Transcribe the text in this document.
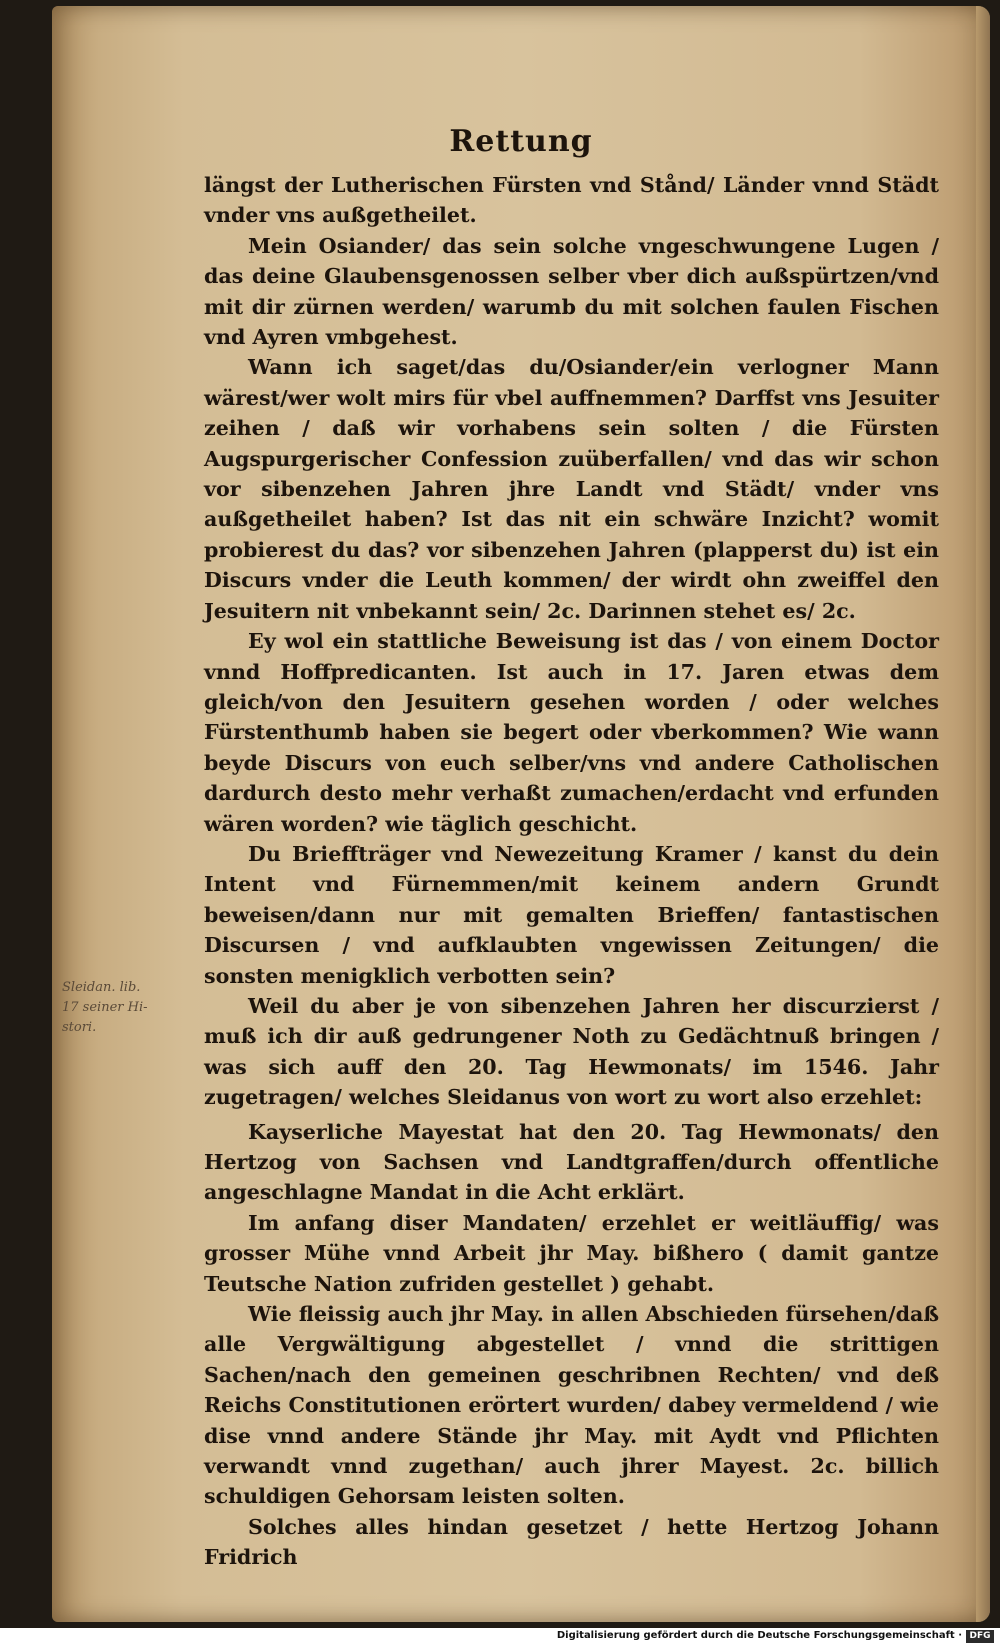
Rettung

längst der Lutherischen Fürsten vnd Stånd/ Länder vnnd Städt vnder vns außgetheilet.

Mein Osiander/ das sein solche vngeschwungene Lugen / das deine Glaubensgenossen selber vber dich außspürtzen/vnd mit dir zürnen werden/ warumb du mit solchen faulen Fischen vnd Ayren vmbgehest.

Wann ich saget/das du/Osiander/ein verlogner Mann wärest/wer wolt mirs für vbel auffnemmen? Darffst vns Jesuiter zeihen / daß wir vorhabens sein solten / die Fürsten Augspurgerischer Confession zuüberfallen/ vnd das wir schon vor sibenzehen Jahren jhre Landt vnd Städt/ vnder vns außgetheilet haben? Ist das nit ein schwäre Inzicht? womit probierest du das? vor sibenzehen Jahren (plapperst du) ist ein Discurs vnder die Leuth kommen/ der wirdt ohn zweiffel den Jesuitern nit vnbekannt sein/ 2c. Darinnen stehet es/ 2c.

Ey wol ein stattliche Beweisung ist das / von einem Doctor vnnd Hoffpredicanten. Ist auch in 17. Jaren etwas dem gleich/von den Jesuitern gesehen worden / oder welches Fürstenthumb haben sie begert oder vberkommen? Wie wann beyde Discurs von euch selber/vns vnd andere Catholischen dardurch desto mehr verhaßt zumachen/erdacht vnd erfunden wären worden? wie täglich geschicht.

Du Brieffträger vnd Newezeitung Kramer / kanst du dein Intent vnd Fürnemmen/mit keinem andern Grundt beweisen/dann nur mit gemalten Brieffen/ fantastischen Discursen / vnd aufklaubten vngewissen Zeitungen/ die sonsten menigklich verbotten sein?

Weil du aber je von sibenzehen Jahren her discurzierst / muß ich dir auß gedrungener Noth zu Gedächtnuß bringen / was sich auff den 20. Tag Hewmonats/ im 1546. Jahr zugetragen/ welches Sleidanus von wort zu wort also erzehlet:

Kayserliche Mayestat hat den 20. Tag Hewmonats/ den Hertzog von Sachsen vnd Landtgraffen/durch offentliche angeschlagne Mandat in die Acht erklärt.

Im anfang diser Mandaten/ erzehlet er weitläuffig/ was grosser Mühe vnnd Arbeit jhr May. bißhero ( damit gantze Teutsche Nation zufriden gestellet ) gehabt.

Wie fleissig auch jhr May. in allen Abschieden fürsehen/daß alle Vergwältigung abgestellet / vnnd die strittigen Sachen/nach den gemeinen geschribnen Rechten/ vnd deß Reichs Constitutionen erörtert wurden/ dabey vermeldend / wie dise vnnd andere Stände jhr May. mit Aydt vnd Pflichten verwandt vnnd zugethan/ auch jhrer Mayest. 2c. billich schuldigen Gehorsam leisten solten.

Solches alles hindan gesetzet / hette Hertzog Johann Fridrich

Sleidan. lib.
17 seiner Hi-
stori.
Digitalisierung gefördert durch die Deutsche Forschungsgemeinschaft · DFG
